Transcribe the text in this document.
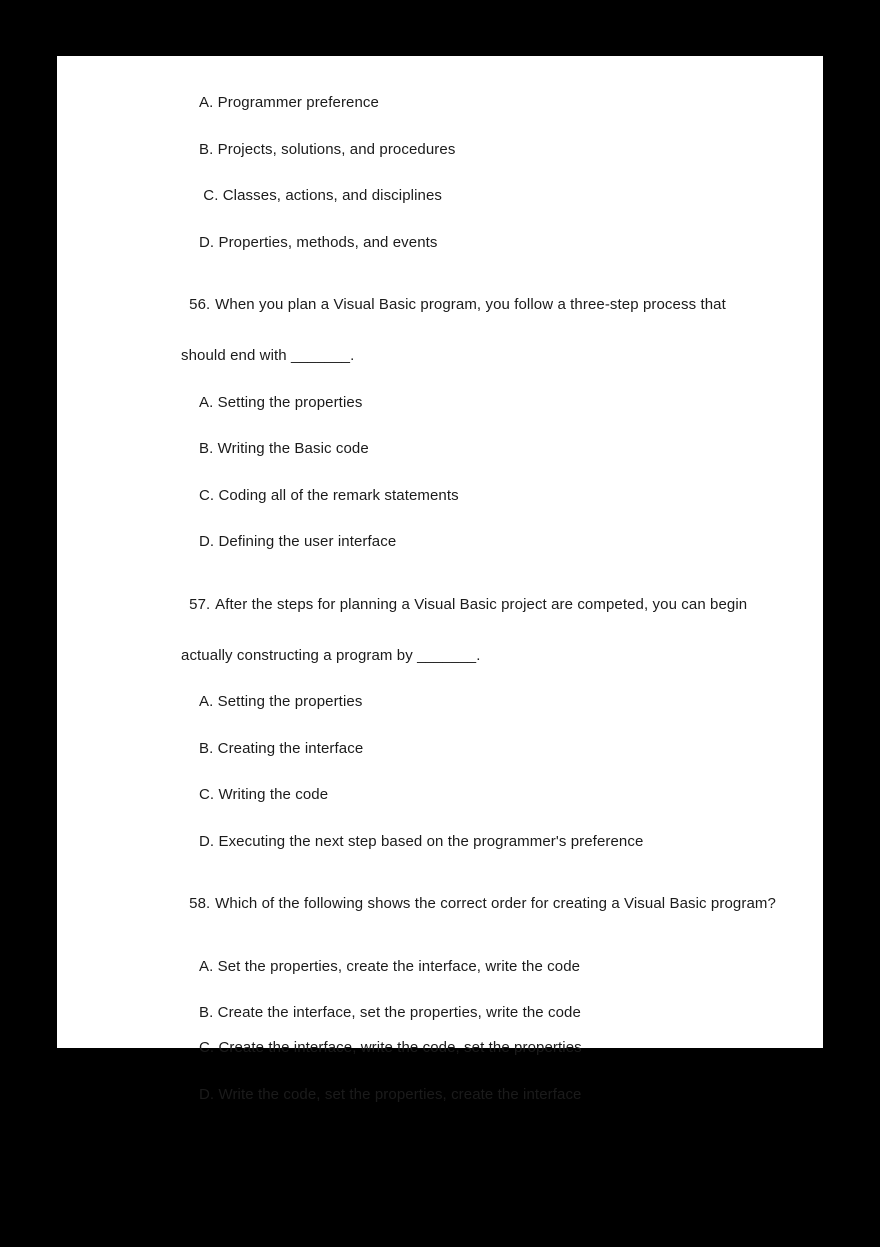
A. Programmer preference
B. Projects, solutions, and procedures
C. Classes, actions, and disciplines
D. Properties, methods, and events

56. When you plan a Visual Basic program, you follow a three-step process that

should end with _______.
A. Setting the properties
B. Writing the Basic code
C. Coding all of the remark statements
D. Defining the user interface

57. After the steps for planning a Visual Basic project are competed, you can begin

actually constructing a program by _______.
A. Setting the properties
B. Creating the interface
C. Writing the code
D. Executing the next step based on the programmer's preference

58. Which of the following shows the correct order for creating a Visual Basic program?

A. Set the properties, create the interface, write the code
B. Create the interface, set the properties, write the code
C. Create the interface, write the code, set the properties
D. Write the code, set the properties, create the interface
